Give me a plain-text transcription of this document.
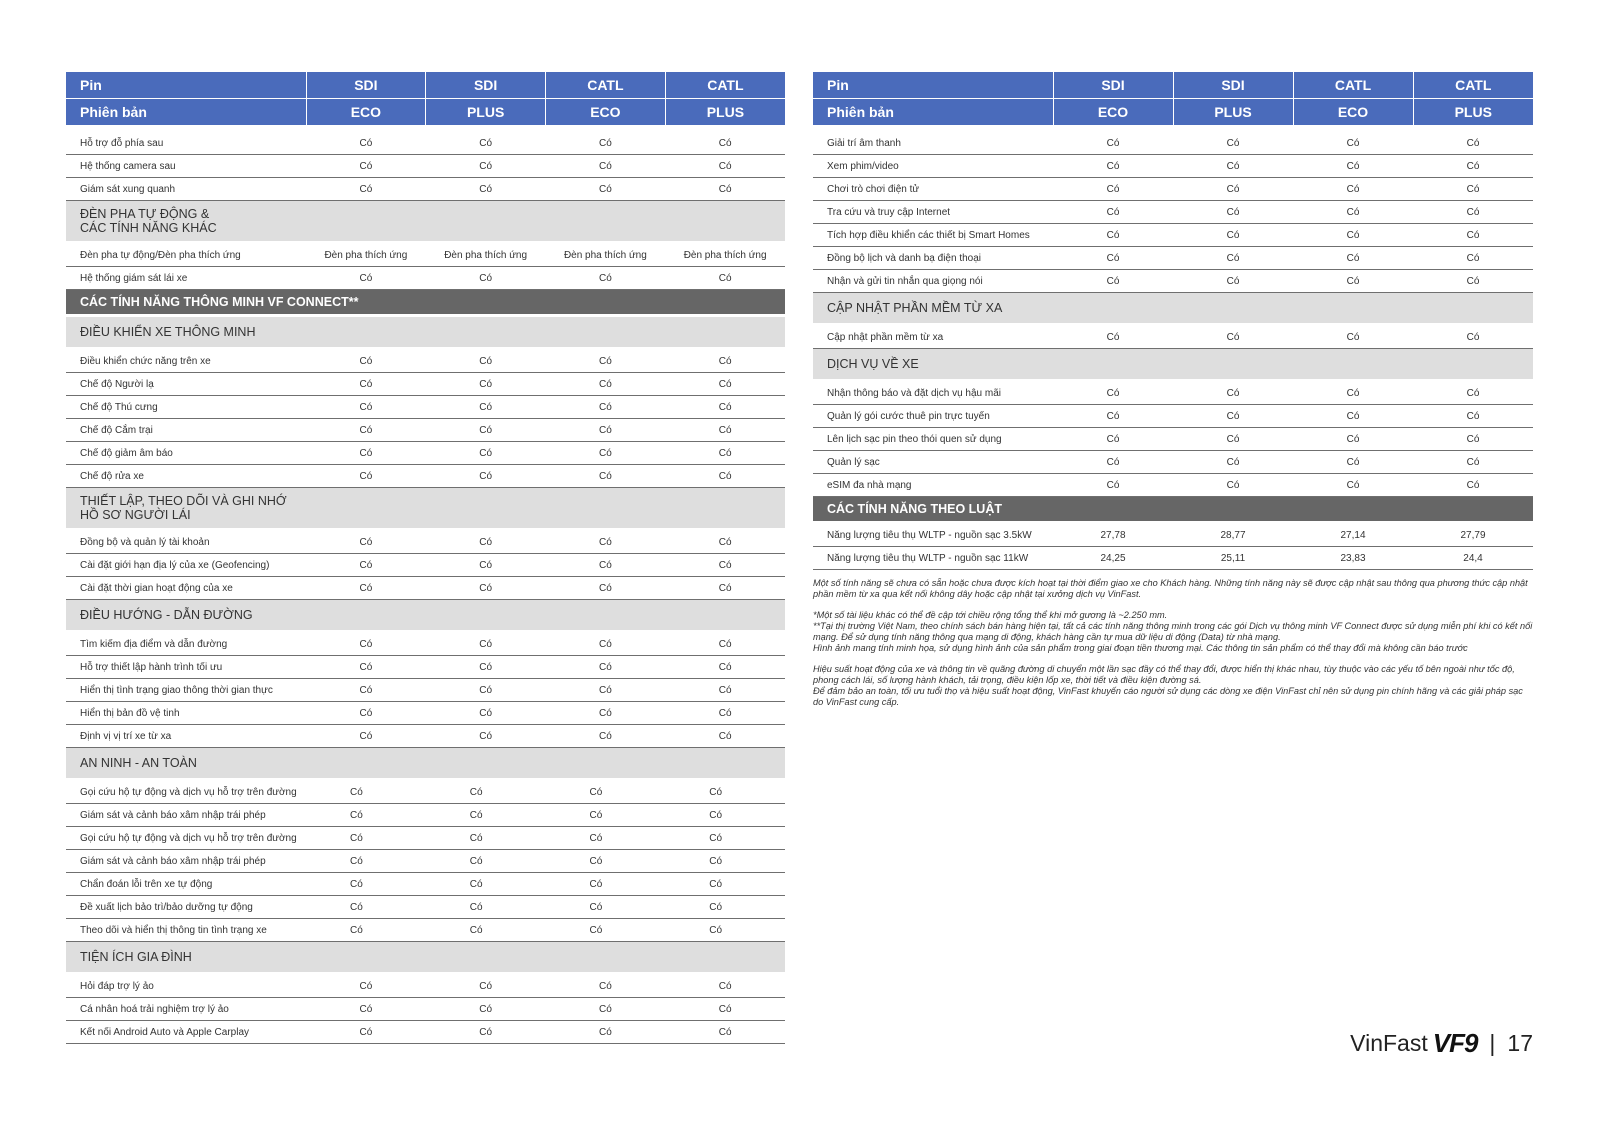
Pin	SDI	SDI	CATL	CATL
Phiên bản	ECO	PLUS	ECO	PLUS

Hỗ trợ đỗ phía sau	Có	Có	Có	Có
Hệ thống camera sau	Có	Có	Có	Có
Giám sát xung quanh	Có	Có	Có	Có

ĐÈN PHA TỰ ĐỘNG &
CÁC TÍNH NĂNG KHÁC				

Đèn pha tự động/Đèn pha thích ứng	Đèn pha thích ứng	Đèn pha thích ứng	Đèn pha thích ứng	Đèn pha thích ứng
Hệ thống giám sát lái xe	Có	Có	Có	Có
CÁC TÍNH NĂNG THÔNG MINH VF CONNECT**				

ĐIỀU KHIỂN XE THÔNG MINH				

Điều khiển chức năng trên xe	Có	Có	Có	Có
Chế độ Người lạ	Có	Có	Có	Có
Chế độ Thú cưng	Có	Có	Có	Có
Chế độ Cắm trại	Có	Có	Có	Có
Chế độ giảm âm báo	Có	Có	Có	Có
Chế độ rửa xe	Có	Có	Có	Có

THIẾT LẬP, THEO DÕI VÀ GHI NHỚ
HỒ SƠ NGƯỜI LÁI				

Đồng bộ và quản lý tài khoản	Có	Có	Có	Có
Cài đặt giới hạn địa lý của xe (Geofencing)	Có	Có	Có	Có
Cài đặt thời gian hoạt động của xe	Có	Có	Có	Có

ĐIỀU HƯỚNG - DẪN ĐƯỜNG				

Tìm kiếm địa điểm và dẫn đường	Có	Có	Có	Có
Hỗ trợ thiết lập hành trình tối ưu	Có	Có	Có	Có
Hiển thị tình trạng giao thông thời gian thực	Có	Có	Có	Có
Hiển thị bản đồ vệ tinh	Có	Có	Có	Có
Định vị vị trí xe từ xa	Có	Có	Có	Có

AN NINH - AN TOÀN				

Gọi cứu hộ tự động và dịch vụ hỗ trợ trên đường	Có	Có	Có	Có
Giám sát và cảnh báo xâm nhập trái phép	Có	Có	Có	Có
Gọi cứu hộ tự động và dịch vụ hỗ trợ trên đường	Có	Có	Có	Có
Giám sát và cảnh báo xâm nhập trái phép	Có	Có	Có	Có
Chẩn đoán lỗi trên xe tự động	Có	Có	Có	Có
Đề xuất lịch bảo trì/bảo dưỡng tự động	Có	Có	Có	Có
Theo dõi và hiển thị thông tin tình trạng xe	Có	Có	Có	Có

TIỆN ÍCH GIA ĐÌNH				

Hỏi đáp trợ lý ảo	Có	Có	Có	Có
Cá nhân hoá trải nghiệm trợ lý ảo	Có	Có	Có	Có
Kết nối Android Auto và Apple Carplay	Có	Có	Có	Có
Pin	SDI	SDI	CATL	CATL
Phiên bản	ECO	PLUS	ECO	PLUS

Giải trí âm thanh	Có	Có	Có	Có
Xem phim/video	Có	Có	Có	Có
Chơi trò chơi điện tử	Có	Có	Có	Có
Tra cứu và truy cập Internet	Có	Có	Có	Có
Tích hợp điều khiển các thiết bị Smart Homes	Có	Có	Có	Có
Đồng bộ lịch và danh bạ điện thoại	Có	Có	Có	Có
Nhận và gửi tin nhắn qua giọng nói	Có	Có	Có	Có

CẬP NHẬT PHẦN MỀM TỪ XA				

Cập nhật phần mềm từ xa	Có	Có	Có	Có

DỊCH VỤ VỀ XE				

Nhận thông báo và đặt dịch vụ hậu mãi	Có	Có	Có	Có
Quản lý gói cước thuê pin trực tuyến	Có	Có	Có	Có
Lên lịch sạc pin theo thói quen sử dụng	Có	Có	Có	Có
Quản lý sạc	Có	Có	Có	Có
eSIM đa nhà mạng	Có	Có	Có	Có
CÁC TÍNH NĂNG THEO LUẬT				
Năng lượng tiêu thụ WLTP - nguồn sạc 3.5kW	27,78	28,77	27,14	27,79
Năng lượng tiêu thụ WLTP - nguồn sạc 11kW	24,25	25,11	23,83	24,4

Một số tính năng sẽ chưa có sẵn hoặc chưa được kích hoạt tại thời điểm giao xe cho Khách hàng. Những tính năng này sẽ được cập nhật sau thông qua phương thức cập nhật phần mềm từ xa qua kết nối không dây hoặc cập nhật tại xưởng dịch vụ VinFast.

*Một số tài liệu khác có thể đề cập tới chiều rộng tổng thể khi mở gương là ~2.250 mm.
**Tại thị trường Việt Nam, theo chính sách bán hàng hiện tại, tất cả các tính năng thông minh trong các gói Dịch vụ thông minh VF Connect được sử dụng miễn phí khi có kết nối mạng. Để sử dụng tính năng thông qua mạng di động, khách hàng cần tự mua dữ liệu di động (Data) từ nhà mạng.
Hình ảnh mang tính minh họa, sử dụng hình ảnh của sản phẩm trong giai đoạn tiền thương mại. Các thông tin sản phẩm có thể thay đổi mà không cần báo trước

Hiệu suất hoạt động của xe và thông tin về quãng đường di chuyển một lần sạc đầy có thể thay đổi, được hiển thị khác nhau, tùy thuộc vào các yếu tố bên ngoài như tốc độ, phong cách lái, số lượng hành khách, tải trọng, điều kiện lốp xe, thời tiết và điều kiện đường sá.
Để đảm bảo an toàn, tối ưu tuổi thọ và hiệu suất hoạt động, VinFast khuyến cáo người sử dụng các dòng xe điện VinFast chỉ nên sử dụng pin chính hãng và các giải pháp sạc do VinFast cung cấp.

VinFast VF9 | 17
